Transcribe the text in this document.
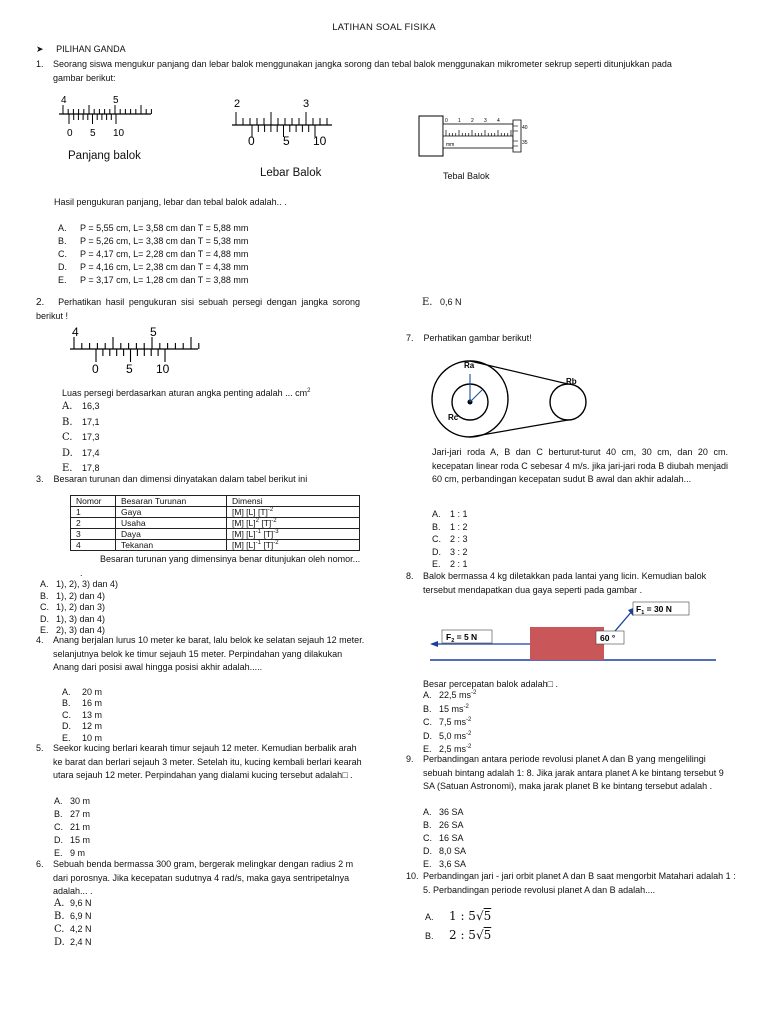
LATIHAN SOAL FISIKA
➤ PILIHAN GANDA
1. Seorang siswa mengukur panjang dan lebar balok menggunakan jangka sorong dan tebal balok menggunakan mikrometer sekrup seperti ditunjukkan pada gambar berikut:
4	5
0 5 10
Panjang balok
2	3
0 5 10
Lebar Balok
0 1 2 3 4
mm
40
35
Tebal Balok
Hasil pengukuran panjang, lebar dan tebal balok adalah.. .
A. P = 5,55 cm, L= 3,58 cm dan T = 5,88 mm
B. P = 5,26 cm, L= 3,38 cm dan T = 5,38 mm
C. P = 4,17 cm, L= 2,28 cm dan T = 4,88 mm
D. P = 4,16 cm, L= 2,38 cm dan T = 4,38 mm
E. P = 3,17 cm, L= 1,28 cm dan T = 3,88 mm
2. Perhatikan hasil pengukuran sisi sebuah persegi dengan jangka sorong berikut !
4	5
0 5 10
Luas persegi berdasarkan aturan angka penting adalah ... $cm^2$
A. 16,3
B. 17,1
C. 17,3
D. 17,4
E. 17,8
3. Besaran turunan dan dimensi dinyatakan dalam tabel berikut ini
Nomor	Besaran Turunan	Dimensi
1	Gaya	[M] [L] $[T]^{-2}$
2	Usaha	[M] $[L]^2$ $[T]^{-2}$
3	Daya	[M] $[L]^{-1}$ $[T]^{-3}$
4	Tekanan	[M] $[L]^{-1}$ $[T]^{-2}$
Besaran turunan yang dimensinya benar ditunjukan oleh nomor... .
A. 1), 2), 3) dan 4)
B. 1), 2) dan 4)
C. 1), 2) dan 3)
D. 1), 3) dan 4)
E. 2), 3) dan 4)
4. Anang berjalan lurus 10 meter ke barat, lalu belok ke selatan sejauh 12 meter. selanjutnya belok ke timur sejauh 15 meter. Perpindahan yang dilakukan Anang dari posisi awal hingga posisi akhir adalah.....
A. 20 m
B. 16 m
C. 13 m
D. 12 m
E. 10 m
5. Seekor kucing berlari kearah timur sejauh 12 meter. Kemudian berbalik arah ke barat dan berlari sejauh 3 meter. Setelah itu, kucing kembali berlari kearah utara sejauh 12 meter. Perpindahan yang dialami kucing tersebut adalah□ .
A. 30 m
B. 27 m
C. 21 m
D. 15 m
E. 9 m
6. Sebuah benda bermassa 300 gram, bergerak melingkar dengan radius 2 m dari porosnya. Jika kecepatan sudutnya 4 rad/s, maka gaya sentripetalnya adalah... .
A. 9,6 N
B. 6,9 N
C. 4,2 N
D. 2,4 N
E. 0,6 N
7. Perhatikan gambar berikut!
Ra
Rb
Rc
Jari-jari roda A, B dan C berturut-turut 40 cm, 30 cm, dan 20 cm. kecepatan linear roda C sebesar 4 m/s. jika jari-jari roda B diubah menjadi 60 cm, perbandingan kecepatan sudut B awal dan akhir adalah...
A. 1 : 1
B. 1 : 2
C. 2 : 3
D. 3 : 2
E. 2 : 1
8. Balok bermassa 4 kg diletakkan pada lantai yang licin. Kemudian balok tersebut mendapatkan dua gaya seperti pada gambar .
$F_2 = 5$ N
$F_1 = 30$ N
60 °
Besar percepatan balok adalah□ .
A. 22,5 $ms^{-2}$
B. 15 $ms^{-2}$
C. 7,5 $ms^{-2}$
D. 5,0 $ms^{-2}$
E. 2,5 $ms^{-2}$
9. Perbandingan antara periode revolusi planet A dan B yang mengelilingi sebuah bintang adalah 1: 8. Jika jarak antara planet A ke bintang tersebut 9 SA (Satuan Astronomi), maka jarak planet B ke bintang tersebut adalah .
A. 36 SA
B. 26 SA
C. 16 SA
D. 8,0 SA
E. 3,6 SA
10. Perbandingan jari - jari orbit planet A dan B saat mengorbit Matahari adalah 1 : 5. Perbandingan periode revolusi planet A dan B adalah....
A. 1 : 5√5
B. 2 : 5√5
